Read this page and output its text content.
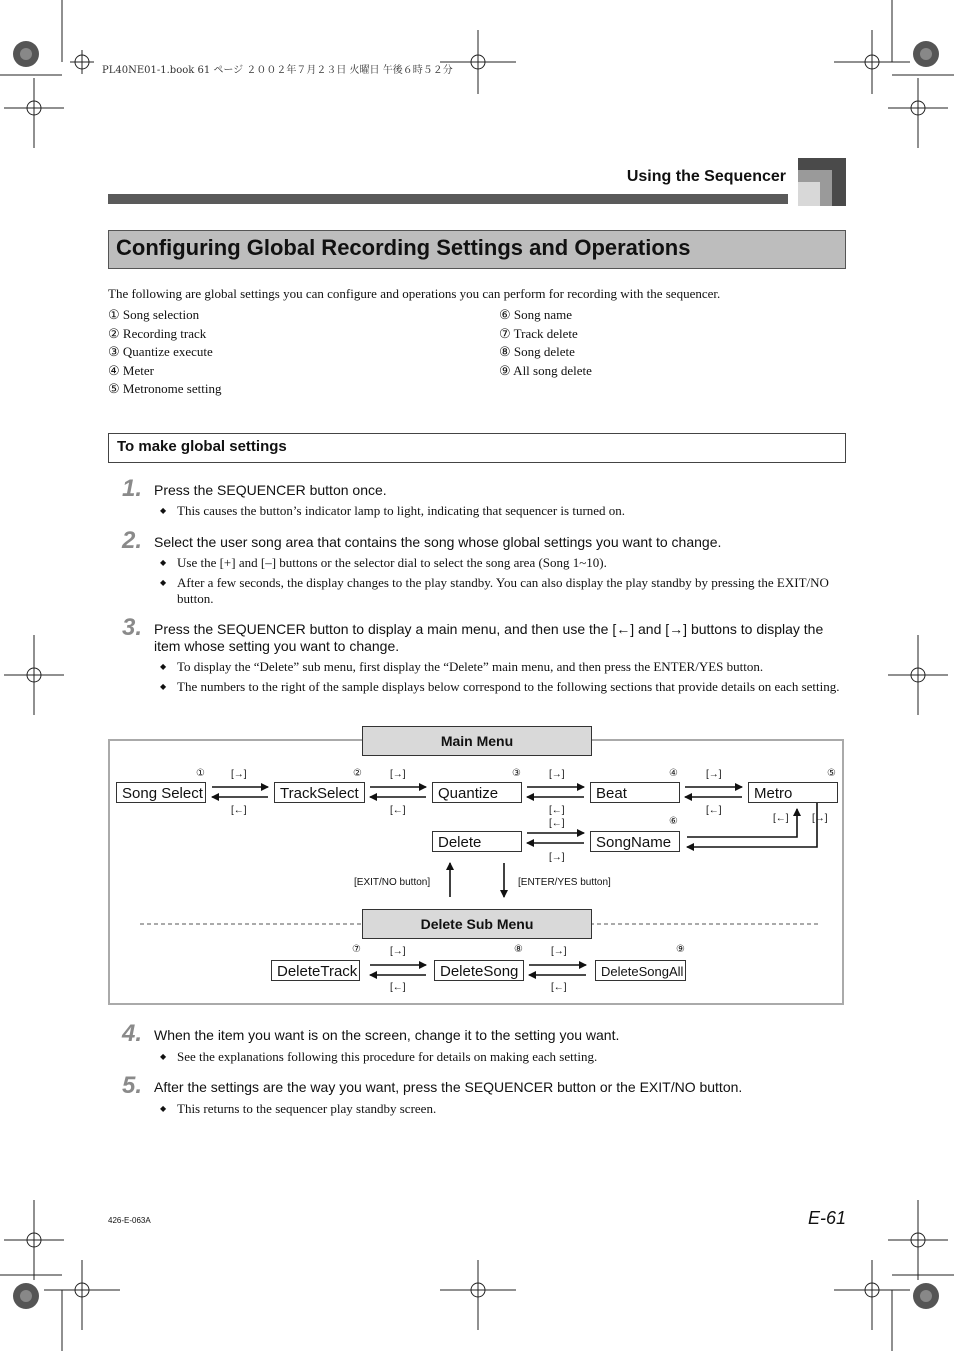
PL40NE01-1.book 61 ページ ２００２年７月２３日 火曜日 午後６時５２分
Using the Sequencer
Configuring Global Recording Settings and Operations
The following are global settings you can configure and operations you can perform for recording with the sequencer.
① Song selection
② Recording track
③ Quantize execute
④ Meter
⑤ Metronome setting
⑥ Song name
⑦ Track delete
⑧ Song delete
⑨ All song delete
To make global settings
1. Press the SEQUENCER button once.
◆ This causes the button’s indicator lamp to light, indicating that sequencer is turned on.
2. Select the user song area that contains the song whose global settings you want to change.
◆ Use the [+] and [–] buttons or the selector dial to select the song area (Song 1~10).
◆ After a few seconds, the display changes to the play standby. You can also display the play standby by pressing the EXIT/NO button.
3. Press the SEQUENCER button to display a main menu, and then use the [←] and [→] buttons to display the item whose setting you want to change.
◆ To display the “Delete” sub menu, first display the “Delete” main menu, and then press the ENTER/YES button.
◆ The numbers to the right of the sample displays below correspond to the following sections that provide details on each setting.
Main Menu
Song Select	TrackSelect	Quantize	Beat	Metro
Delete	SongName
①	②	③	④	⑤
⑥
[→]
[←]
[→]
[←]
[→]
[←]
[→]
[←]
[←]
[→]
[←] [→]
[EXIT/NO button]	[ENTER/YES button]
Delete Sub Menu
DeleteTrack	DeleteSong	DeleteSongAll
⑦	⑧	⑨
[→]
[←]
[→]
[←]
4. When the item you want is on the screen, change it to the setting you want.
◆ See the explanations following this procedure for details on making each setting.
5. After the settings are the way you want, press the SEQUENCER button or the EXIT/NO button.
◆ This returns to the sequencer play standby screen.
426-E-063A	E-61
